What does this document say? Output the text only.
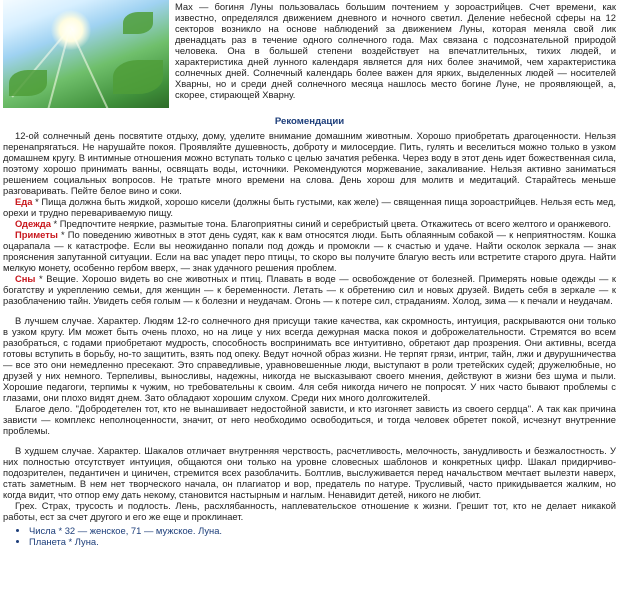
Мах — богиня Луны пользовалась большим почтением у зороастрийцев. Счет времени, как известно, определялся движением дневного и ночного светил. Деление небесной сферы на 12 секторов возникло на основе наблюдений за движением Луны, которая меняла свой лик двенадцать раз в течение одного солнечного года. Мах связана с подсознательной природой человека. Она в большей степени воздействует на впечатлительных, тихих людей, и характеристика дней лунного календаря является для них более значимой, чем характеристика солнечных дней. Солнечный календарь более важен для ярких, выделенных людей — носителей Хварны, но и среди дней солнечного месяца нашлось место богине Луне, не проявляющей, а, скорее, стирающей Хварну.
Рекомендации

12-ой солнечный день посвятите отдыху, дому, уделите внимание домашним животным. Хорошо приобретать драгоценности. Нельзя перенапрягаться. Не нарушайте покоя. Проявляйте душевность, доброту и милосердие. Пить, гулять и веселиться можно только в узком домашнем кругу. В интимные отношения можно вступать только с целью зачатия ребенка. Через воду в этот день идет божественная сила, поэтому хорошо принимать ванны, освящать воды, источники. Рекомендуются моржевание, закаливание. Нельзя активно заниматься решением социальных вопросов. Не тратьте много времени на слова. День хорош для молитв и медитаций. Старайтесь меньше разговаривать. Пейте белое вино и соки.

Еда * Пища должна быть жидкой, хорошо кисели (должны быть густыми, как желе) — священная пища зороастрийцев. Нельзя есть мед, орехи и трудно перевариваемую пищу.

Одежда * Предпочтите неяркие, размытые тона. Благоприятны синий и серебристый цвета. Откажитесь от всего желтого и оранжевого.

Приметы * По поведению животных в этот день судят, как к вам относятся люди. Быть облаянным собакой — к неприятностям. Кошка оцарапала — к катастрофе. Если вы неожиданно попали под дождь и промокли — к счастью и удаче. Найти осколок зеркала — знак прояснения запутанной ситуации. Если на вас упадет перо птицы, то скоро вы получите благую весть или встретите старого друга. Найти мелкую монету, особенно гербом вверх, — знак удачного решения проблем.

Сны * Вещие. Хорошо видеть во сне животных и птиц. Плавать в воде — освобождение от болезней. Примерять новые одежды — к богатству и укреплению семьи, для женщин — к беременности. Летать — к обретению сил и новых друзей. Видеть себя в зеркале — к разоблачению тайн. Увидеть себя голым — к болезни и неудачам. Огонь — к потере сил, страданиям. Холод, зима — к печали и неудачам.

В лучшем случае. Характер. Людям 12-го солнечного дня присущи такие качества, как скромность, интуиция, раскрываются они только в узком кругу. Им может быть очень плохо, но на лице у них всегда дежурная маска покоя и доброжелательности. Стремятся во всем разобраться, с годами приобретают мудрость, способность воспринимать все интуитивно, обретают дар прозрения. Они активны, всегда готовы вступить в борьбу, но-то защитить, взять под опеку. Ведут ночной образ жизни. Не терпят грязи, интриг, тайн, лжи и двурушничества — все это они немедленно пресекают. Это справедливые, уравновешенные люди, выступают в роли третейских судей; дружелюбные, но друзей у них немного. Терпеливы, выносливы, надежны, никогда не высказывают своего мнения, действуют в жизни без шума и пыли. Хорошие педагоги, терпимы к чужим, но требовательны к своим. 4ля себя никогда ничего не попросят. У них часто бывают проблемы с глазами, они плохо видят днем. Зато обладают хорошим слухом. Среди них много долгожителей.

Благое дело. "Добродетелен тот, кто не вынашивает недостойной зависти, и кто изгоняет зависть из своего сердца". А так как причина зависти — комплекс неполноценности, значит, от него необходимо освободиться, и тогда человек обретет покой, исчезнут внутренние проблемы.

В худшем случае. Характер. Шакалов отличает внутренняя черствость, расчетливость, мелочность, занудливость и безжалостность. У них полностью отсутствует интуиция, общаются они только на уровне словесных шаблонов и конкретных цифр. Шакал придирчиво-подозрителен, педантичен и циничен, стремится всех разоблачить. Болтлив, выслуживается перед начальством мечтает вылезти наверх, стать заметным. В нем нет творческого начала, он плагиатор и вор, предатель по натуре. Трусливый, часто прикидывается жалким, но когда видит, что отпор ему дать некому, становится настырным и наглым. Ненавидит детей, никого не любит.

Грех. Страх, трусость и подлость. Лень, расхлябанность, наплевательское отношение к жизни. Грешит тот, кто не делает никакой работы, ест за счет другого и его же еще и проклинает.

• Числа * 32 — женское, 71 — мужское. Луна.
• Планета * Луна.
